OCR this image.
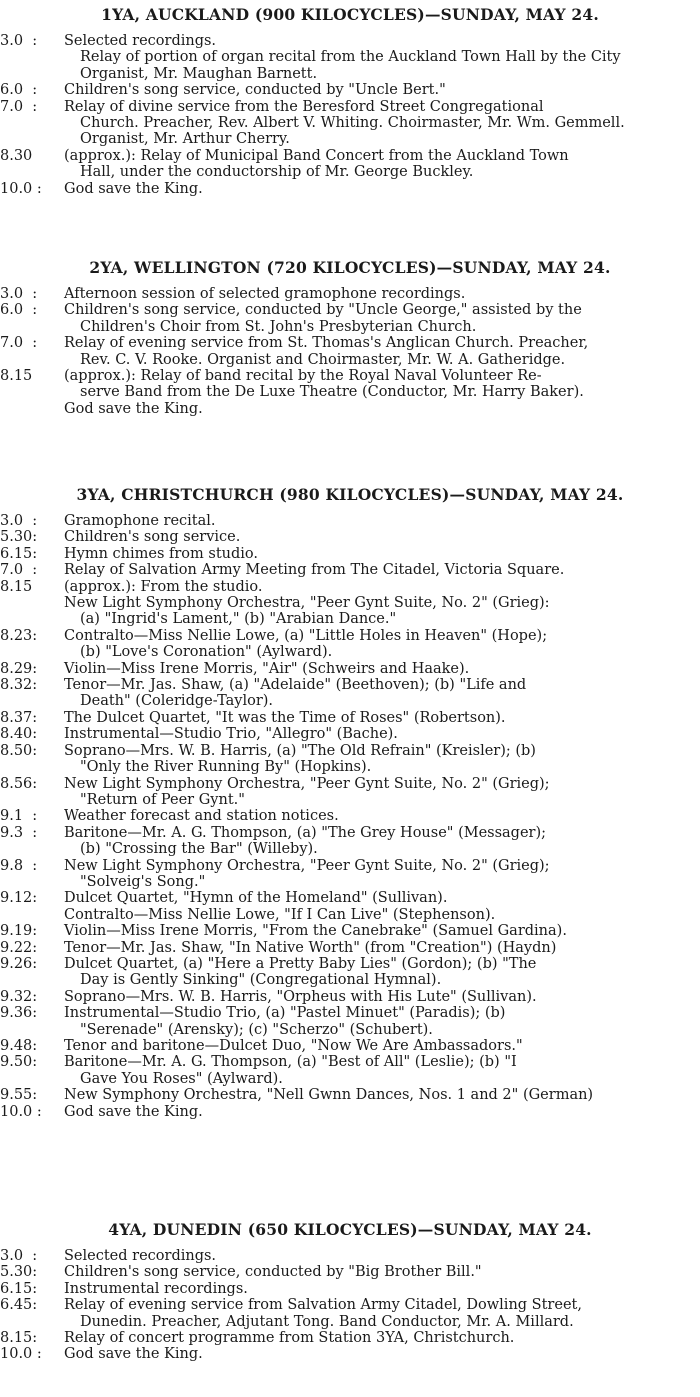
1YA, AUCKLAND (900 KILOCYCLES)—SUNDAY, MAY 24.
3.0  :	Selected recordings.
Relay of portion of organ recital from the Auckland Town Hall by the City Organist, Mr. Maughan Barnett.
6.0  :	Children's song service, conducted by "Uncle Bert."
7.0  :	Relay of divine service from the Beresford Street Congregational
Church. Preacher, Rev. Albert V. Whiting. Choirmaster, Mr. Wm. Gemmell. Organist, Mr. Arthur Cherry.
8.30	(approx.): Relay of Municipal Band Concert from the Auckland Town
Hall, under the conductorship of Mr. George Buckley.
10.0 :	God save the King.
2YA, WELLINGTON (720 KILOCYCLES)—SUNDAY, MAY 24.
3.0  :	Afternoon session of selected gramophone recordings.
6.0  :	Children's song service, conducted by "Uncle George," assisted by the
Children's Choir from St. John's Presbyterian Church.
7.0  :	Relay of evening service from St. Thomas's Anglican Church. Preacher,
Rev. C. V. Rooke. Organist and Choirmaster, Mr. W. A. Gatheridge.
8.15	(approx.): Relay of band recital by the Royal Naval Volunteer Re-
serve Band from the De Luxe Theatre (Conductor, Mr. Harry Baker).
God save the King.
3YA, CHRISTCHURCH (980 KILOCYCLES)—SUNDAY, MAY 24.
3.0  :	Gramophone recital.
5.30:	Children's song service.
6.15:	Hymn chimes from studio.
7.0  :	Relay of Salvation Army Meeting from The Citadel, Victoria Square.
8.15	(approx.): From the studio.
New Light Symphony Orchestra, "Peer Gynt Suite, No. 2" (Grieg):
(a) "Ingrid's Lament," (b) "Arabian Dance."
8.23:	Contralto—Miss Nellie Lowe, (a) "Little Holes in Heaven" (Hope);
(b) "Love's Coronation" (Aylward).
8.29:	Violin—Miss Irene Morris, "Air" (Schweirs and Haake).
8.32:	Tenor—Mr. Jas. Shaw, (a) "Adelaide" (Beethoven); (b) "Life and
Death" (Coleridge-Taylor).
8.37:	The Dulcet Quartet, "It was the Time of Roses" (Robertson).
8.40:	Instrumental—Studio Trio, "Allegro" (Bache).
8.50:	Soprano—Mrs. W. B. Harris, (a) "The Old Refrain" (Kreisler); (b)
"Only the River Running By" (Hopkins).
8.56:	New Light Symphony Orchestra, "Peer Gynt Suite, No. 2" (Grieg);
"Return of Peer Gynt."
9.1  :	Weather forecast and station notices.
9.3  :	Baritone—Mr. A. G. Thompson, (a) "The Grey House" (Messager);
(b) "Crossing the Bar" (Willeby).
9.8  :	New Light Symphony Orchestra, "Peer Gynt Suite, No. 2" (Grieg);
"Solveig's Song."
9.12:	Dulcet Quartet, "Hymn of the Homeland" (Sullivan).
Contralto—Miss Nellie Lowe, "If I Can Live" (Stephenson).
9.19:	Violin—Miss Irene Morris, "From the Canebrake" (Samuel Gardina).
9.22:	Tenor—Mr. Jas. Shaw, "In Native Worth" (from "Creation") (Haydn)
9.26:	Dulcet Quartet, (a) "Here a Pretty Baby Lies" (Gordon); (b) "The
Day is Gently Sinking" (Congregational Hymnal).
9.32:	Soprano—Mrs. W. B. Harris, "Orpheus with His Lute" (Sullivan).
9.36:	Instrumental—Studio Trio, (a) "Pastel Minuet" (Paradis); (b)
"Serenade" (Arensky); (c) "Scherzo" (Schubert).
9.48:	Tenor and baritone—Dulcet Duo, "Now We Are Ambassadors."
9.50:	Baritone—Mr. A. G. Thompson, (a) "Best of All" (Leslie); (b) "I
Gave You Roses" (Aylward).
9.55:	New Symphony Orchestra, "Nell Gwnn Dances, Nos. 1 and 2" (German)
10.0 :	God save the King.
4YA, DUNEDIN (650 KILOCYCLES)—SUNDAY, MAY 24.
3.0  :	Selected recordings.
5.30:	Children's song service, conducted by "Big Brother Bill."
6.15:	Instrumental recordings.
6.45:	Relay of evening service from Salvation Army Citadel, Dowling Street,
Dunedin. Preacher, Adjutant Tong. Band Conductor, Mr. A. Millard.
8.15:	Relay of concert programme from Station 3YA, Christchurch.
10.0 :	God save the King.
